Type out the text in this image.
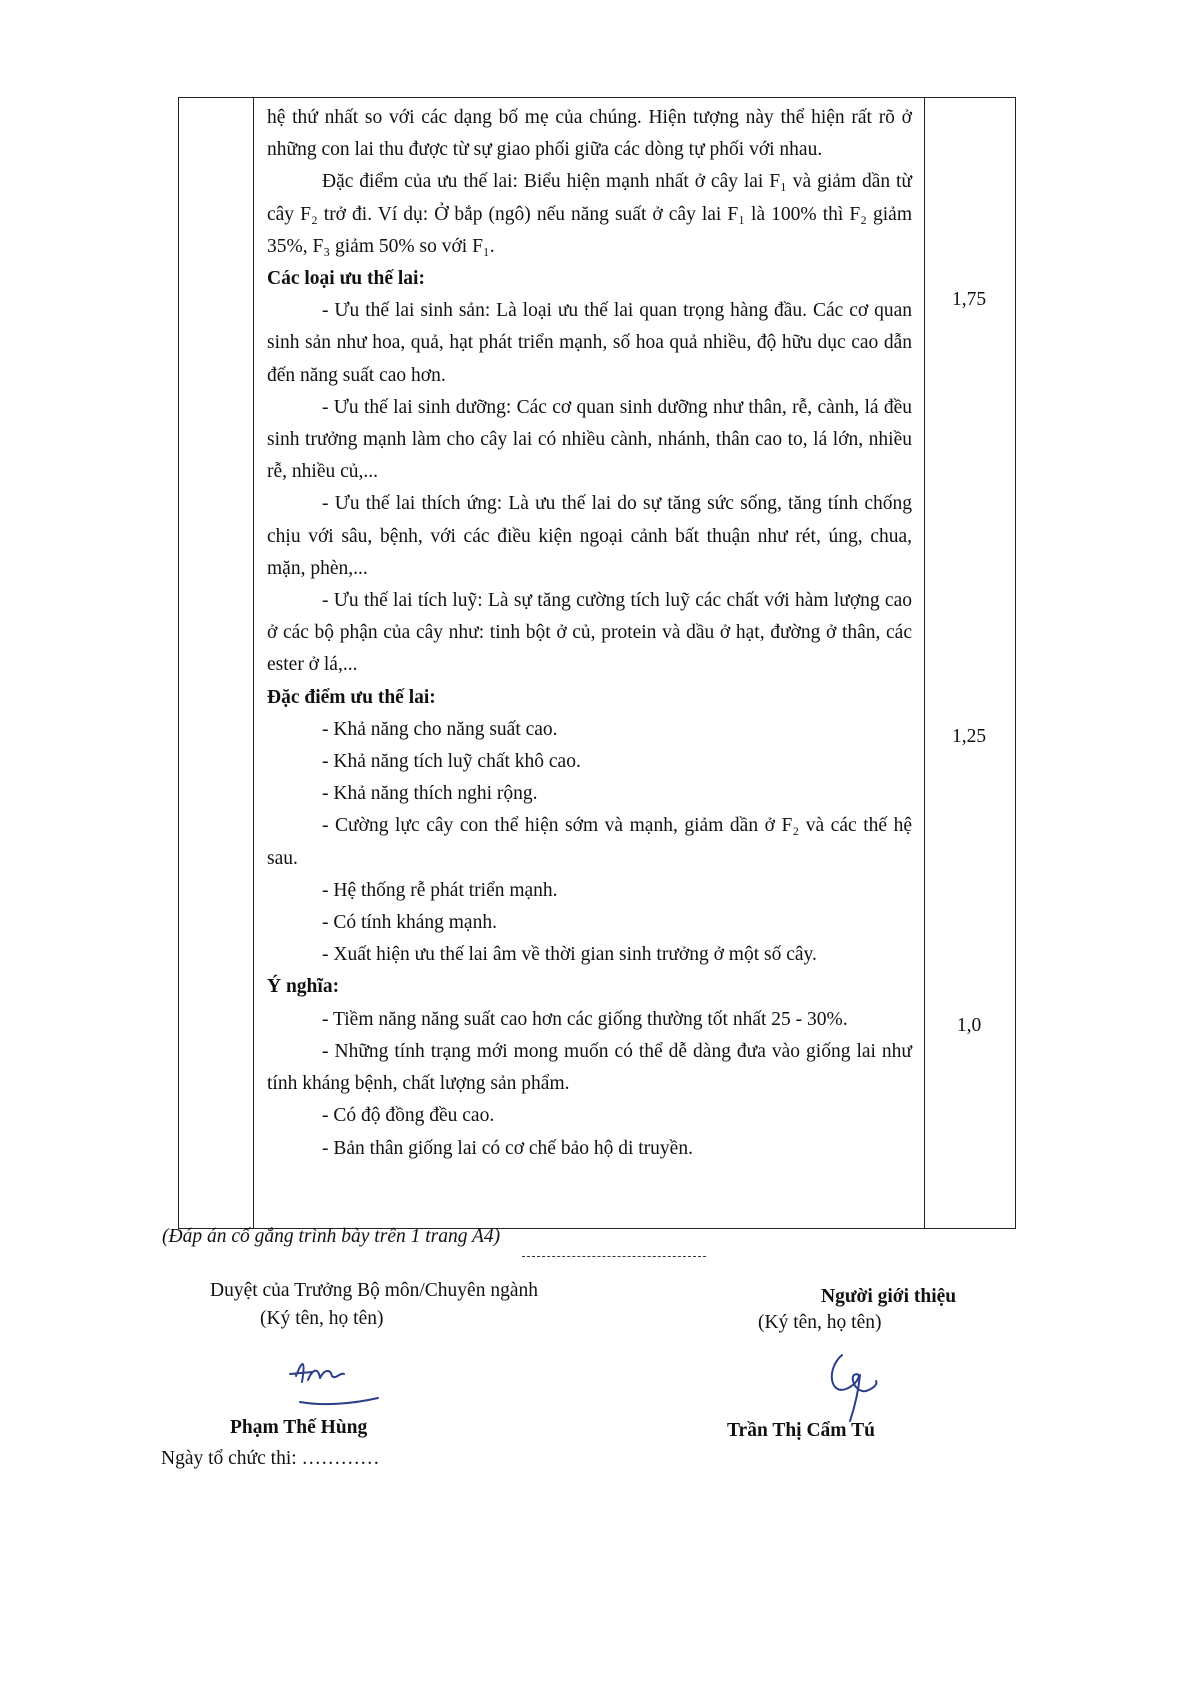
hệ thứ nhất so với các dạng bố mẹ của chúng. Hiện tượng này thể hiện rất rõ ở những con lai thu được từ sự giao phối giữa các dòng tự phối với nhau.

Đặc điểm của ưu thế lai: Biểu hiện mạnh nhất ở cây lai F₁ và giảm dần từ cây F₂ trở đi. Ví dụ: Ở bắp (ngô) nếu năng suất ở cây lai F₁ là 100% thì F₂ giảm 35%, F₃ giảm 50% so với F₁.

Các loại ưu thế lai:

- Ưu thế lai sinh sản: Là loại ưu thế lai quan trọng hàng đầu. Các cơ quan sinh sản như hoa, quả, hạt phát triển mạnh, số hoa quả nhiều, độ hữu dục cao dẫn đến năng suất cao hơn.

- Ưu thế lai sinh dưỡng: Các cơ quan sinh dưỡng như thân, rễ, cành, lá đều sinh trưởng mạnh làm cho cây lai có nhiều cành, nhánh, thân cao to, lá lớn, nhiều rễ, nhiều củ,...

- Ưu thế lai thích ứng: Là ưu thế lai do sự tăng sức sống, tăng tính chống chịu với sâu, bệnh, với các điều kiện ngoại cảnh bất thuận như rét, úng, chua, mặn, phèn,...

- Ưu thế lai tích luỹ: Là sự tăng cường tích luỹ các chất với hàm lượng cao ở các bộ phận của cây như: tinh bột ở củ, protein và dầu ở hạt, đường ở thân, các ester ở lá,...

Đặc điểm ưu thế lai:

- Khả năng cho năng suất cao.

- Khả năng tích luỹ chất khô cao.

- Khả năng thích nghi rộng.

- Cường lực cây con thể hiện sớm và mạnh, giảm dần ở F₂ và các thế hệ sau.

- Hệ thống rễ phát triển mạnh.

- Có tính kháng mạnh.

- Xuất hiện ưu thế lai âm về thời gian sinh trưởng ở một số cây.

Ý nghĩa:

- Tiềm năng năng suất cao hơn các giống thường tốt nhất 25 - 30%.

- Những tính trạng mới mong muốn có thể dễ dàng đưa vào giống lai như tính kháng bệnh, chất lượng sản phẩm.

- Có độ đồng đều cao.

- Bản thân giống lai có cơ chế bảo hộ di truyền.

1,75
1,25
1,0
(Đáp án cố gắng trình bày trên 1 trang A4)
Duyệt của Trưởng Bộ môn/Chuyên ngành
(Ký tên, họ tên)
Phạm Thế Hùng
Ngày tổ chức thi: …………
Người giới thiệu
(Ký tên, họ tên)
Trần Thị Cẩm Tú
